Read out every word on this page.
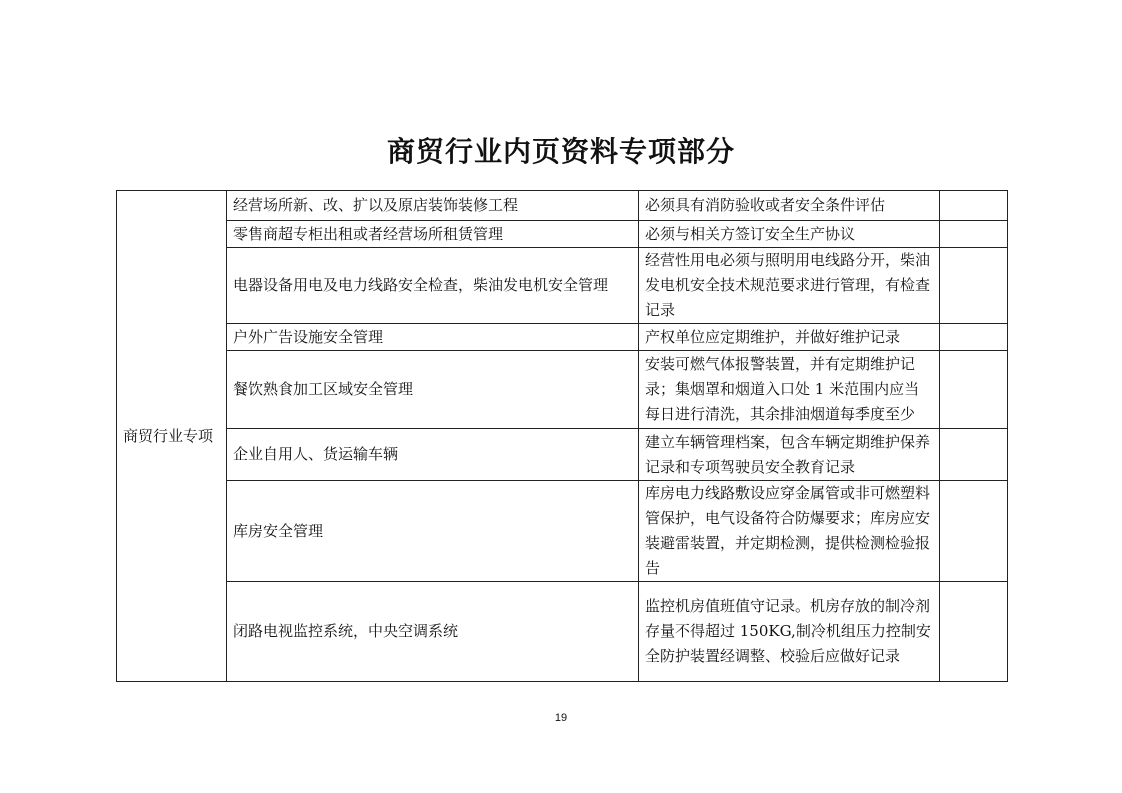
商贸行业内页资料专项部分
商贸行业专项	经营场所新、改、扩以及原店装饰装修工程	必须具有消防验收或者安全条件评估	
	零售商超专柜出租或者经营场所租赁管理	必须与相关方签订安全生产协议	
	电器设备用电及电力线路安全检查，柴油发电机安全管理	经营性用电必须与照明用电线路分开，柴油发电机安全技术规范要求进行管理，有检查记录	
	户外广告设施安全管理	产权单位应定期维护，并做好维护记录	
	餐饮熟食加工区域安全管理	安装可燃气体报警装置，并有定期维护记录；集烟罩和烟道入口处 1 米范围内应当每日进行清洗，其余排油烟道每季度至少	
	企业自用人、货运输车辆	建立车辆管理档案，包含车辆定期维护保养记录和专项驾驶员安全教育记录	
	库房安全管理	库房电力线路敷设应穿金属管或非可燃塑料管保护，电气设备符合防爆要求；库房应安装避雷装置，并定期检测，提供检测检验报告	
	闭路电视监控系统，中央空调系统	监控机房值班值守记录。机房存放的制冷剂存量不得超过 150KG,制冷机组压力控制安全防护装置经调整、校验后应做好记录	
19
